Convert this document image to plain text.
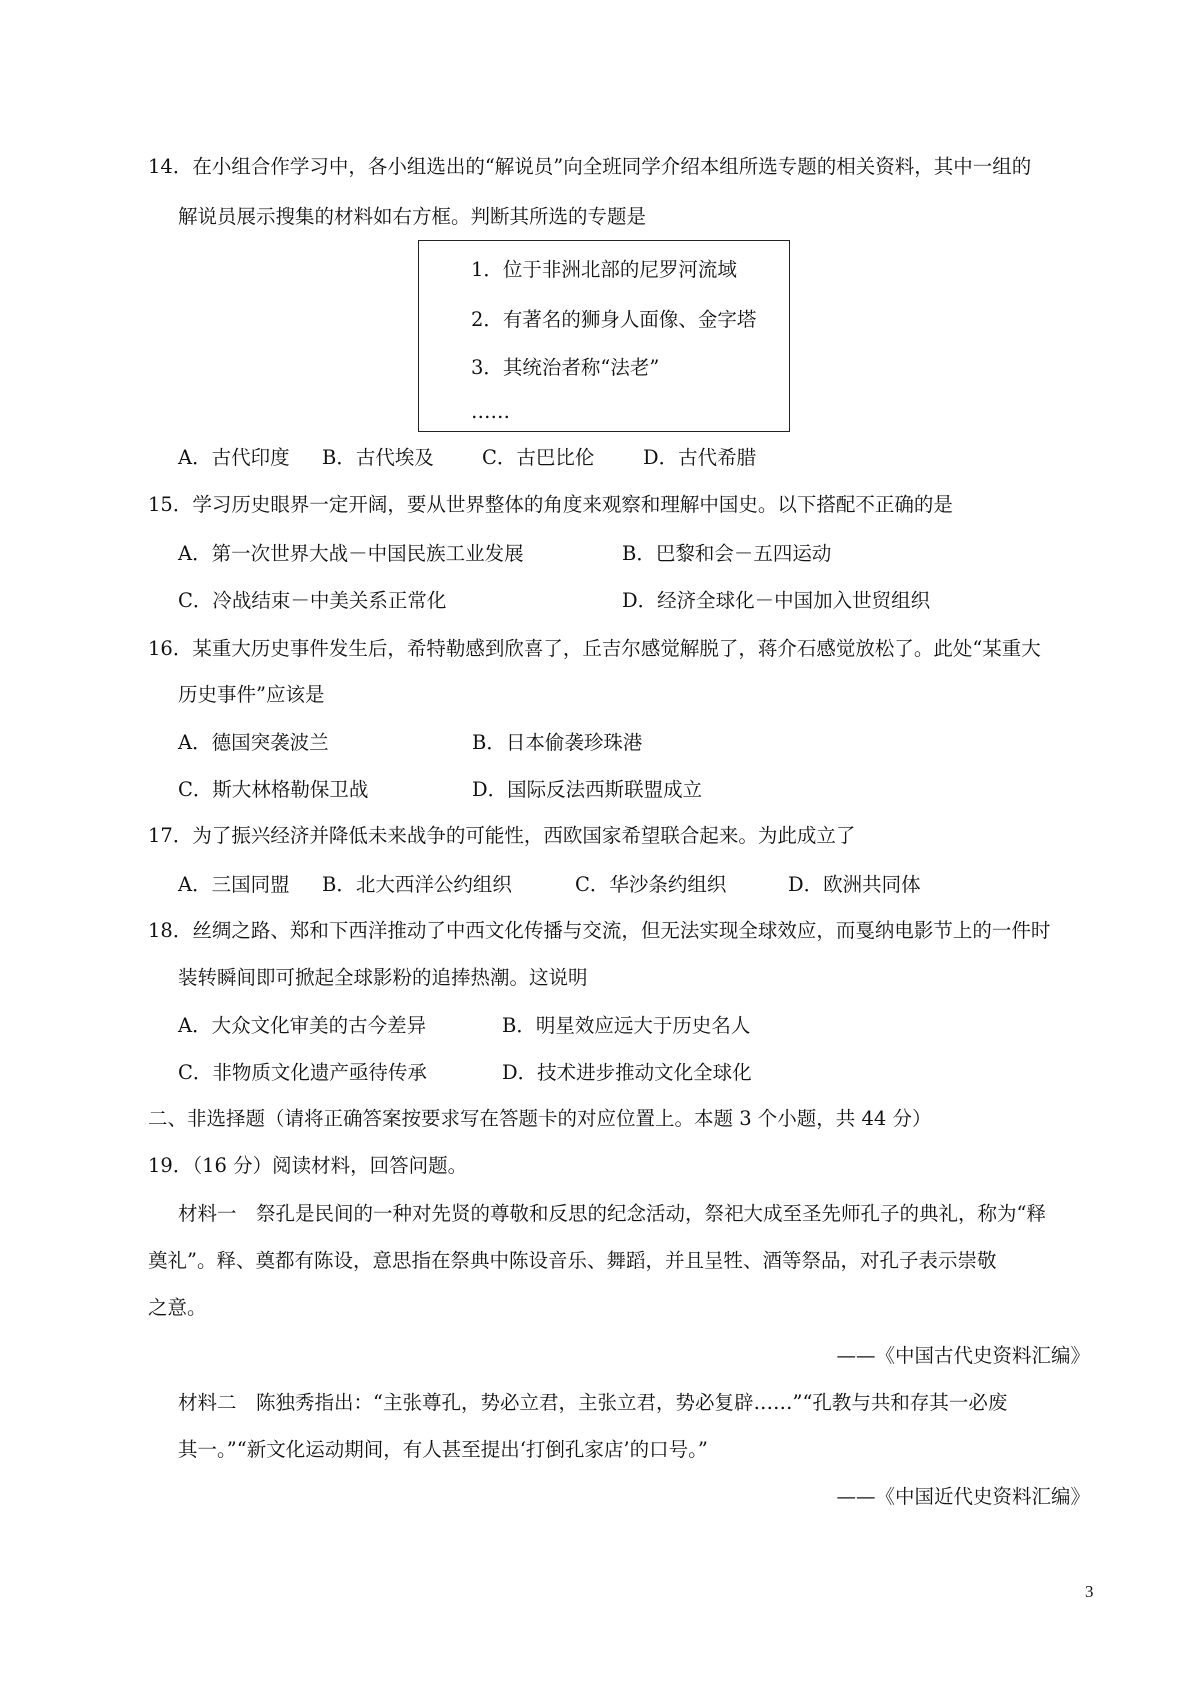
14．在小组合作学习中，各小组选出的“解说员”向全班同学介绍本组所选专题的相关资料，其中一组的
解说员展示搜集的材料如右方框。判断其所选的专题是
1．位于非洲北部的尼罗河流域
2．有著名的狮身人面像、金字塔
3．其统治者称“法老”
……
A．古代印度 B．古代埃及 C．古巴比伦 D．古代希腊
15．学习历史眼界一定开阔，要从世界整体的角度来观察和理解中国史。以下搭配不正确的是
A．第一次世界大战－中国民族工业发展	B．巴黎和会－五四运动
C．冷战结束－中美关系正常化	D．经济全球化－中国加入世贸组织
16．某重大历史事件发生后，希特勒感到欣喜了，丘吉尔感觉解脱了，蒋介石感觉放松了。此处“某重大
历史事件”应该是
A．德国突袭波兰	B．日本偷袭珍珠港
C．斯大林格勒保卫战	D．国际反法西斯联盟成立
17．为了振兴经济并降低未来战争的可能性，西欧国家希望联合起来。为此成立了
A．三国同盟 B．北大西洋公约组织	C．华沙条约组织	D．欧洲共同体
18．丝绸之路、郑和下西洋推动了中西文化传播与交流，但无法实现全球效应，而戛纳电影节上的一件时
装转瞬间即可掀起全球影粉的追捧热潮。这说明
A．大众文化审美的古今差异	B．明星效应远大于历史名人
C．非物质文化遗产亟待传承	D．技术进步推动文化全球化
二、非选择题（请将正确答案按要求写在答题卡的对应位置上。本题 3 个小题，共 44 分）
19．（16 分）阅读材料，回答问题。
材料一　祭孔是民间的一种对先贤的尊敬和反思的纪念活动，祭祀大成至圣先师孔子的典礼，称为“释
奠礼”。释、奠都有陈设，意思指在祭典中陈设音乐、舞蹈，并且呈牲、酒等祭品，对孔子表示崇敬
之意。
——《中国古代史资料汇编》
材料二　陈独秀指出：“主张尊孔，势必立君，主张立君，势必复辟……”“孔教与共和存其一必废
其一。”“新文化运动期间，有人甚至提出‘打倒孔家店’的口号。”
——《中国近代史资料汇编》
3
